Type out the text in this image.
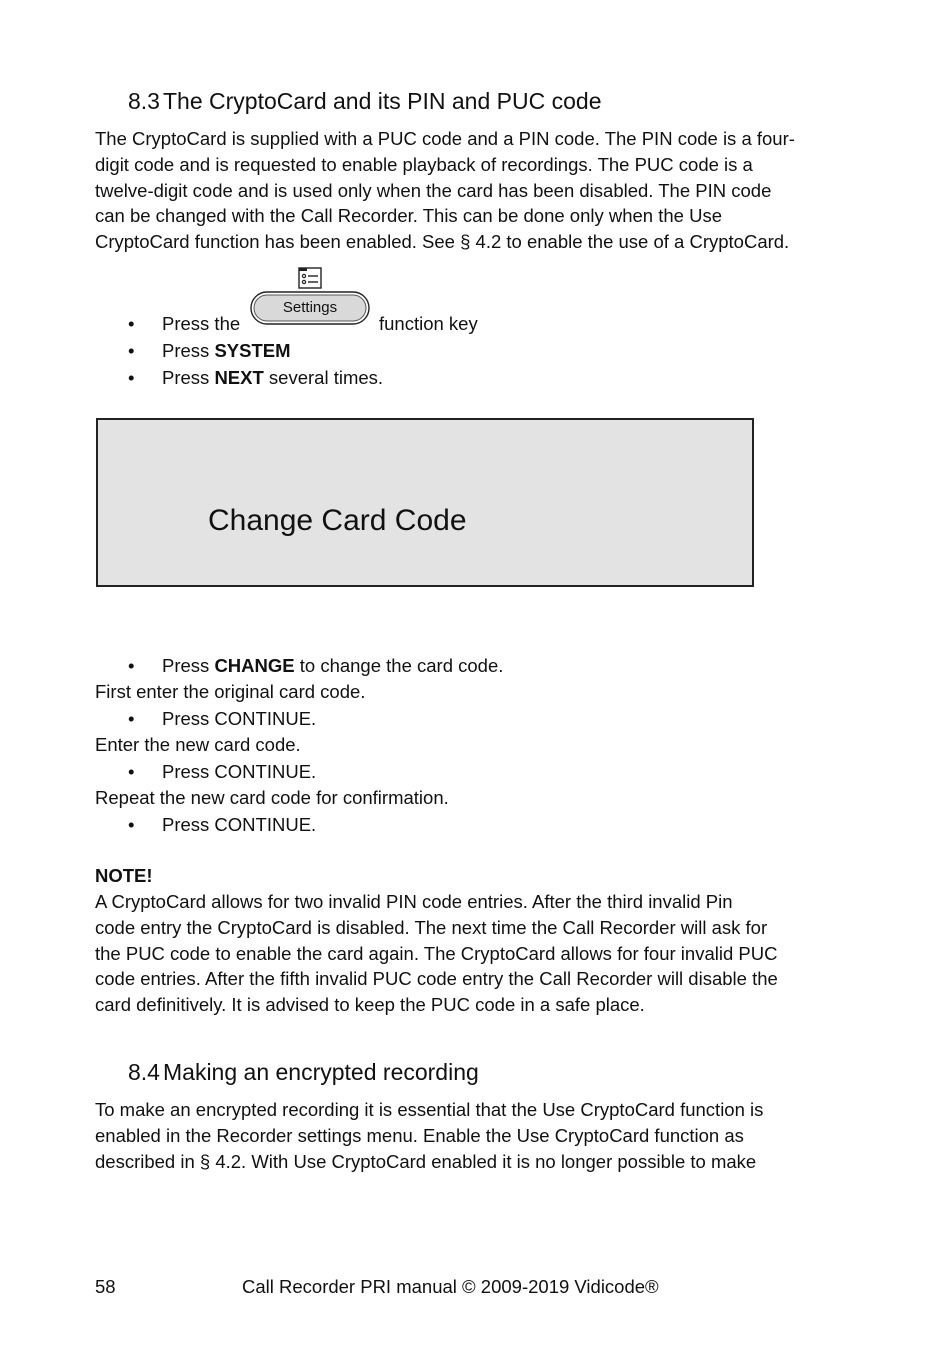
8.3 The CryptoCard and its PIN and PUC code
The CryptoCard is supplied with a PUC code and a PIN code. The PIN code is a four-
digit code and is requested to enable playback of recordings. The PUC code is a
twelve-digit code and is used only when the card has been disabled. The PIN code
can be changed with the Call Recorder. This can be done only when the Use
CryptoCard function has been enabled. See § 4.2 to enable the use of a CryptoCard.
Settings
• Press the	function key
• Press SYSTEM
• Press NEXT several times.
Change Card Code
• Press CHANGE to change the card code.
First enter the original card code.
• Press CONTINUE.
Enter the new card code.
• Press CONTINUE.
Repeat the new card code for confirmation.
• Press CONTINUE.
NOTE!
A CryptoCard allows for two invalid PIN code entries. After the third invalid Pin
code entry the CryptoCard is disabled. The next time the Call Recorder will ask for
the PUC code to enable the card again. The CryptoCard allows for four invalid PUC
code entries. After the fifth invalid PUC code entry the Call Recorder will disable the
card definitively. It is advised to keep the PUC code in a safe place.
8.4 Making an encrypted recording
To make an encrypted recording it is essential that the Use CryptoCard function is
enabled in the Recorder settings menu. Enable the Use CryptoCard function as
described in § 4.2. With Use CryptoCard enabled it is no longer possible to make
58	Call Recorder PRI manual © 2009-2019 Vidicode®
